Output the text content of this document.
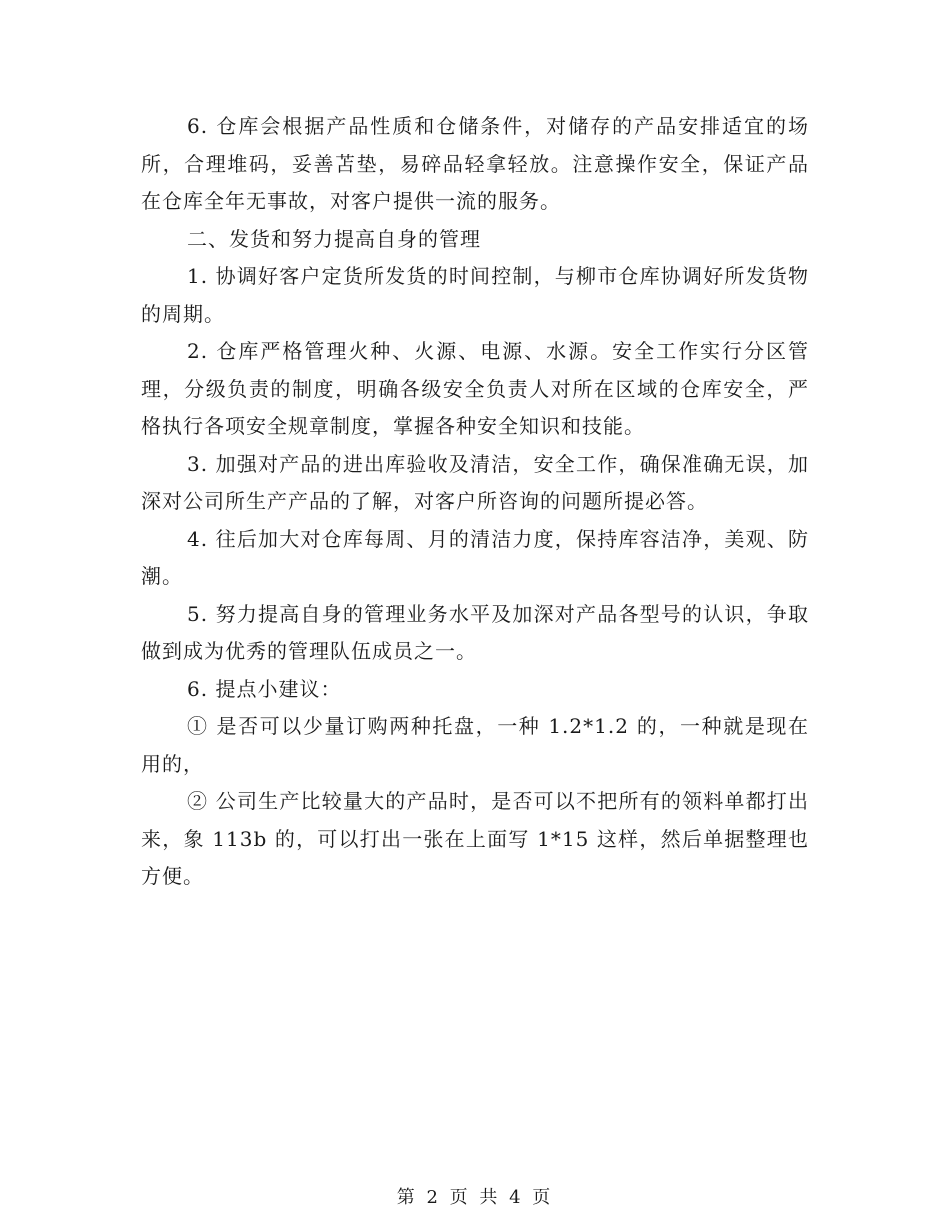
6. 仓库会根据产品性质和仓储条件，对储存的产品安排适宜的场所，合理堆码，妥善苫垫，易碎品轻拿轻放。注意操作安全，保证产品在仓库全年无事故，对客户提供一流的服务。

二、发货和努力提高自身的管理

1. 协调好客户定货所发货的时间控制，与柳市仓库协调好所发货物的周期。

2. 仓库严格管理火种、火源、电源、水源。安全工作实行分区管理，分级负责的制度，明确各级安全负责人对所在区域的仓库安全，严格执行各项安全规章制度，掌握各种安全知识和技能。

3. 加强对产品的进出库验收及清洁，安全工作，确保准确无误，加深对公司所生产产品的了解，对客户所咨询的问题所提必答。

4. 往后加大对仓库每周、月的清洁力度，保持库容洁净，美观、防潮。

5. 努力提高自身的管理业务水平及加深对产品各型号的认识，争取做到成为优秀的管理队伍成员之一。

6. 提点小建议：

① 是否可以少量订购两种托盘，一种 1.2*1.2 的，一种就是现在用的，

② 公司生产比较量大的产品时，是否可以不把所有的领料单都打出来，象 113b 的，可以打出一张在上面写 1*15 这样，然后单据整理也方便。

第 2 页 共 4 页
